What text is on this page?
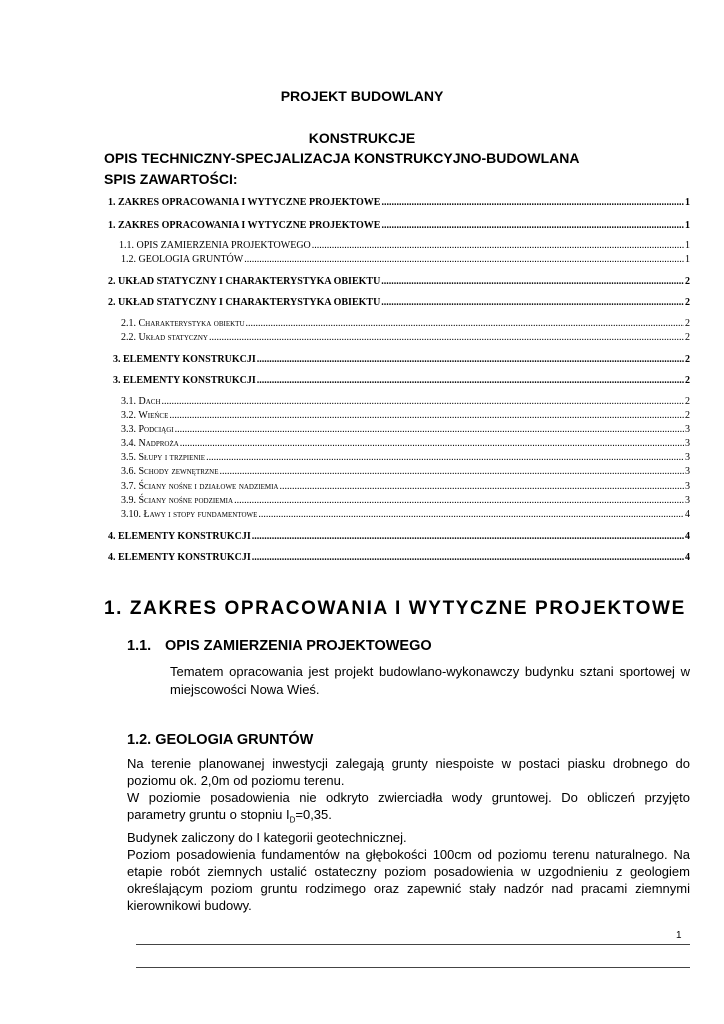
PROJEKT BUDOWLANY
KONSTRUKCJE
OPIS TECHNICZNY-SPECJALIZACJA KONSTRUKCYJNO-BUDOWLANA
SPIS ZAWARTOŚCI:
1. ZAKRES OPRACOWANIA I WYTYCZNE PROJEKTOWE .....	1
1. ZAKRES OPRACOWANIA I WYTYCZNE PROJEKTOWE .....	1
1.1. OPIS ZAMIERZENIA PROJEKTOWEGO .....	1
1.2. GEOLOGIA GRUNTÓW .....	1
2. UKŁAD STATYCZNY I CHARAKTERYSTYKA OBIEKTU .....	2
2. UKŁAD STATYCZNY I CHARAKTERYSTYKA OBIEKTU .....	2
2.1. Charakterystyka obiektu .....	2
2.2. Układ statyczny .....	2
3. ELEMENTY KONSTRUKCJI .....	2
3. ELEMENTY KONSTRUKCJI .....	2
3.1. Dach .....	2
3.2. Wieńce .....	2
3.3. Podciągi .....	3
3.4. Nadproża .....	3
3.5. Słupy i trzpienie .....	3
3.6. Schody zewnętrzne .....	3
3.7. Ściany nośne i działowe nadziemia .....	3
3.9. Ściany nośne podziemia .....	3
3.10. Ławy i stopy fundamentowe .....	4
4. ELEMENTY KONSTRUKCJI .....	4
4. ELEMENTY KONSTRUKCJI .....	4
1. ZAKRES OPRACOWANIA I WYTYCZNE PROJEKTOWE
1.1. OPIS ZAMIERZENIA PROJEKTOWEGO
Tematem opracowania jest projekt budowlano-wykonawczy budynku sztani sportowej w miejscowości Nowa Wieś.
1.2. GEOLOGIA GRUNTÓW

Na terenie planowanej inwestycji zalegają grunty niespoiste w postaci piasku drobnego do poziomu ok. 2,0m od poziomu terenu.

W poziomie posadowienia nie odkryto zwierciadła wody gruntowej. Do obliczeń przyjęto parametry gruntu o stopniu $I_D=0,35$.

Budynek zaliczony do I kategorii geotechnicznej.

Poziom posadowienia fundamentów na głębokości 100cm od poziomu terenu naturalnego. Na etapie robót ziemnych ustalić ostateczny poziom posadowienia w uzgodnieniu z geologiem określającym poziom gruntu rodzimego oraz zapewnić stały nadzór nad pracami ziemnymi kierownikowi budowy.

1
